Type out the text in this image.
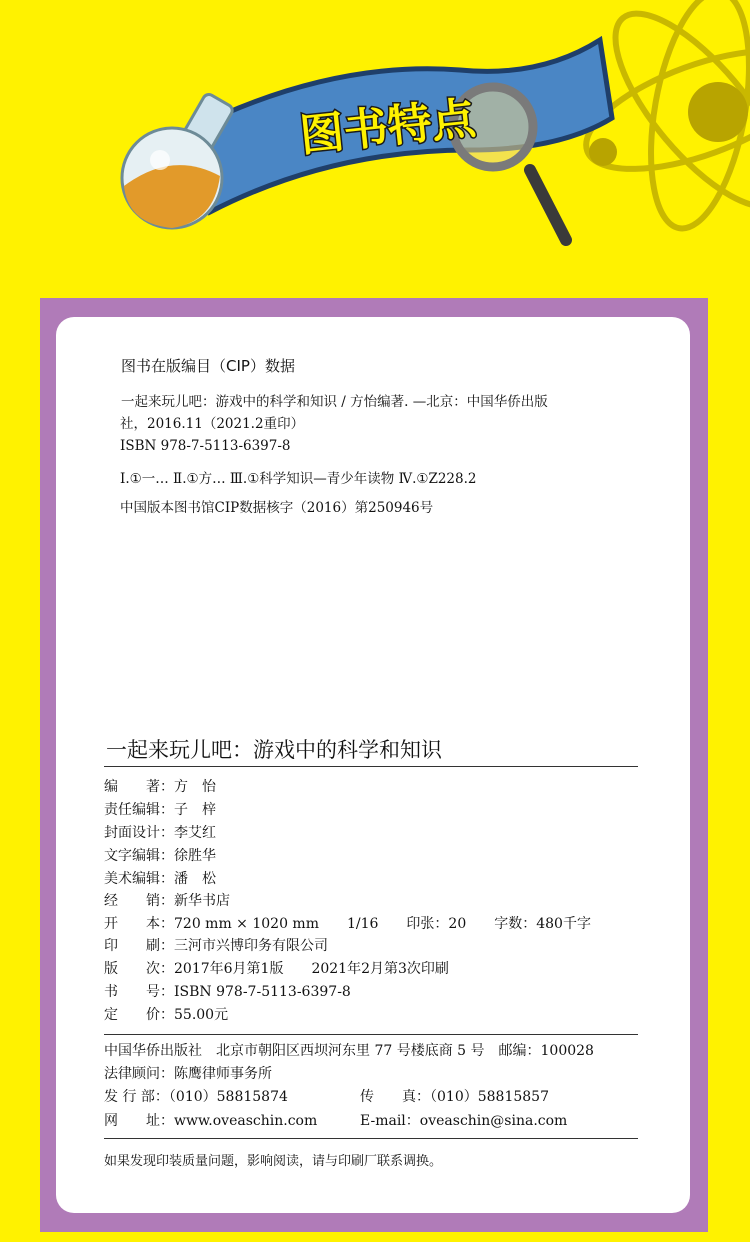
图书特点
图书在版编目（CIP）数据
一起来玩儿吧：游戏中的科学和知识 / 方怡编著. —北京：中国华侨出版
社，2016.11（2021.2重印）
ISBN 978-7-5113-6397-8
Ⅰ.①一… Ⅱ.①方… Ⅲ.①科学知识—青少年读物 Ⅳ.①Z228.2
中国版本图书馆CIP数据核字（2016）第250946号
一起来玩儿吧：游戏中的科学和知识
编　　著：方　怡
责任编辑：子　梓
封面设计：李艾红
文字编辑：徐胜华
美术编辑：潘　松
经　　销：新华书店
开　　本：720 mm × 1020 mm　　1/16　　印张：20　　字数：480千字
印　　刷：三河市兴博印务有限公司
版　　次：2017年6月第1版　　2021年2月第3次印刷
书　　号：ISBN 978-7-5113-6397-8
定　　价：55.00元
中国华侨出版社　北京市朝阳区西坝河东里 77 号楼底商 5 号　邮编：100028
法律顾问：陈鹰律师事务所
发 行 部：（010）58815874	传　　真：（010）58815857
网　　址：www.oveaschin.com	E-mail：oveaschin@sina.com
如果发现印装质量问题，影响阅读，请与印刷厂联系调换。
